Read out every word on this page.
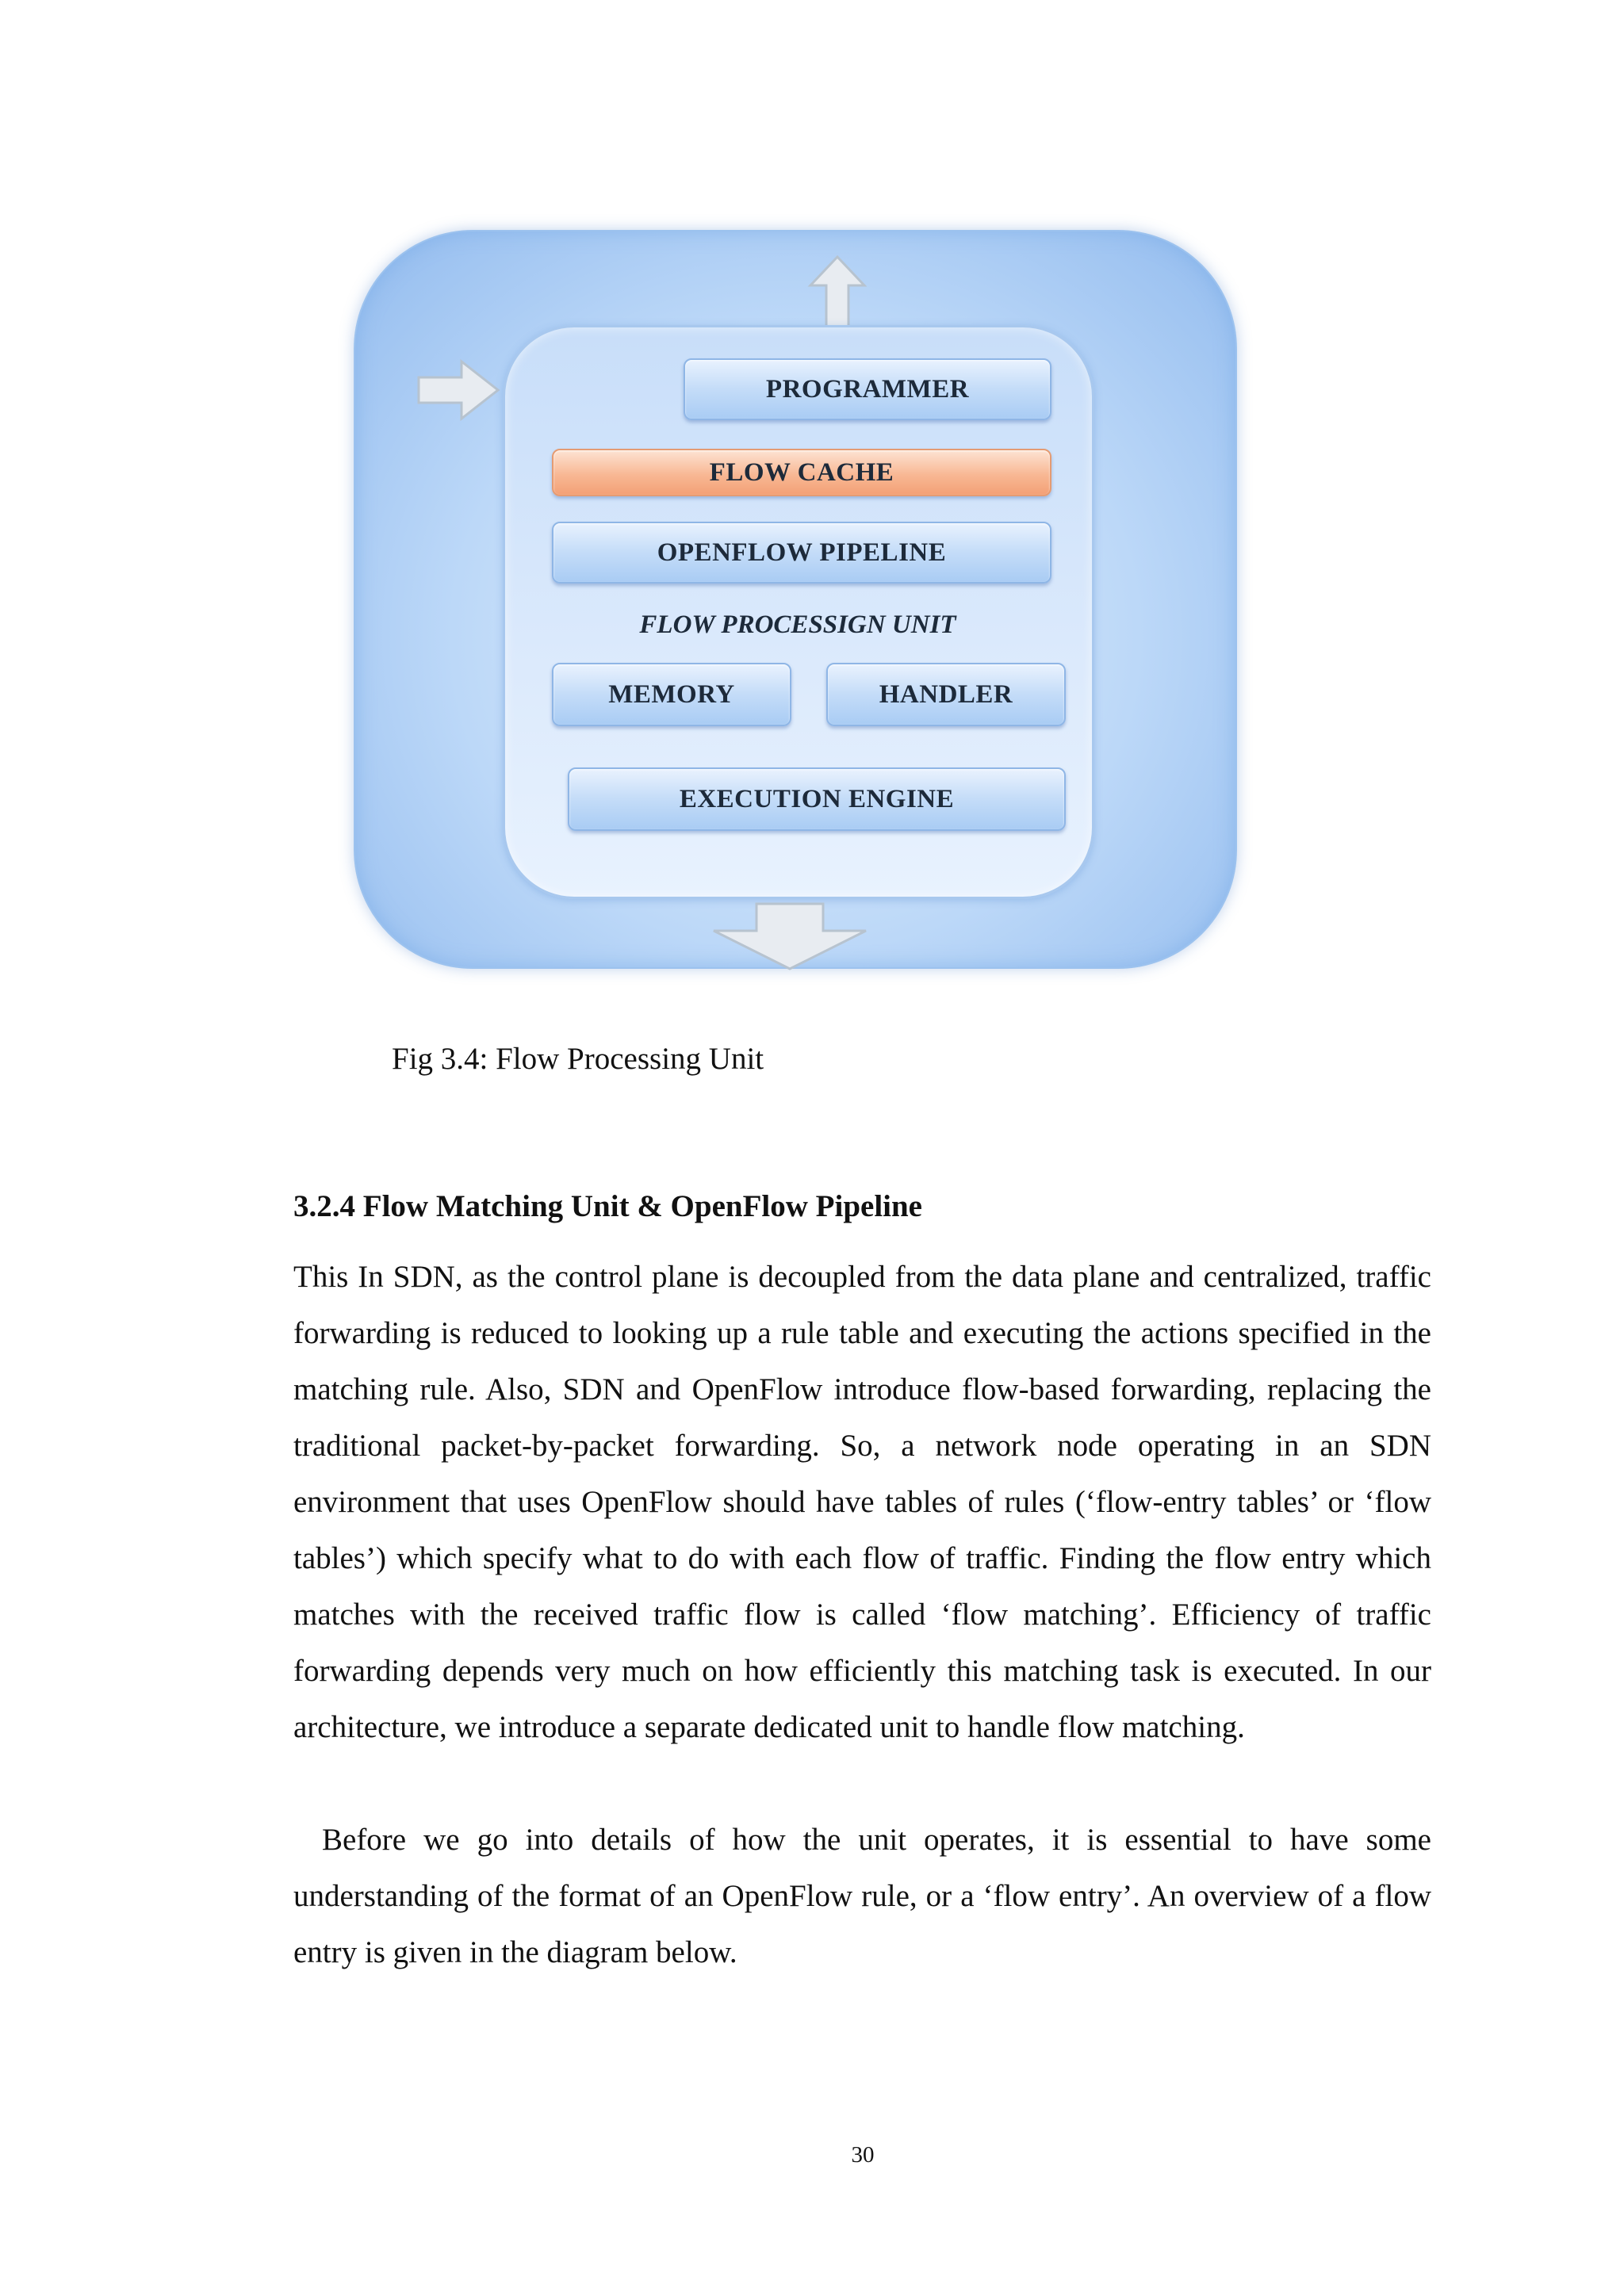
PROGRAMMER
FLOW CACHE
OPENFLOW PIPELINE
FLOW PROCESSIGN UNIT
MEMORY	HANDLER
EXECUTION ENGINE
Fig 3.4: Flow Processing Unit
3.2.4 Flow Matching Unit & OpenFlow Pipeline

This In SDN, as the control plane is decoupled from the data plane and centralized, traffic forwarding is reduced to looking up a rule table and executing the actions specified in the matching rule. Also, SDN and OpenFlow introduce flow-based forwarding, replacing the traditional packet-by-packet forwarding. So, a network node operating in an SDN environment that uses OpenFlow should have tables of rules (‘flow-entry tables’ or ‘flow tables’) which specify what to do with each flow of traffic. Finding the flow entry which matches with the received traffic flow is called ‘flow matching’. Efficiency of traffic forwarding depends very much on how efficiently this matching task is executed. In our architecture, we introduce a separate dedicated unit to handle flow matching.

Before we go into details of how the unit operates, it is essential to have some understanding of the format of an OpenFlow rule, or a ‘flow entry’. An overview of a flow entry is given in the diagram below.

30
